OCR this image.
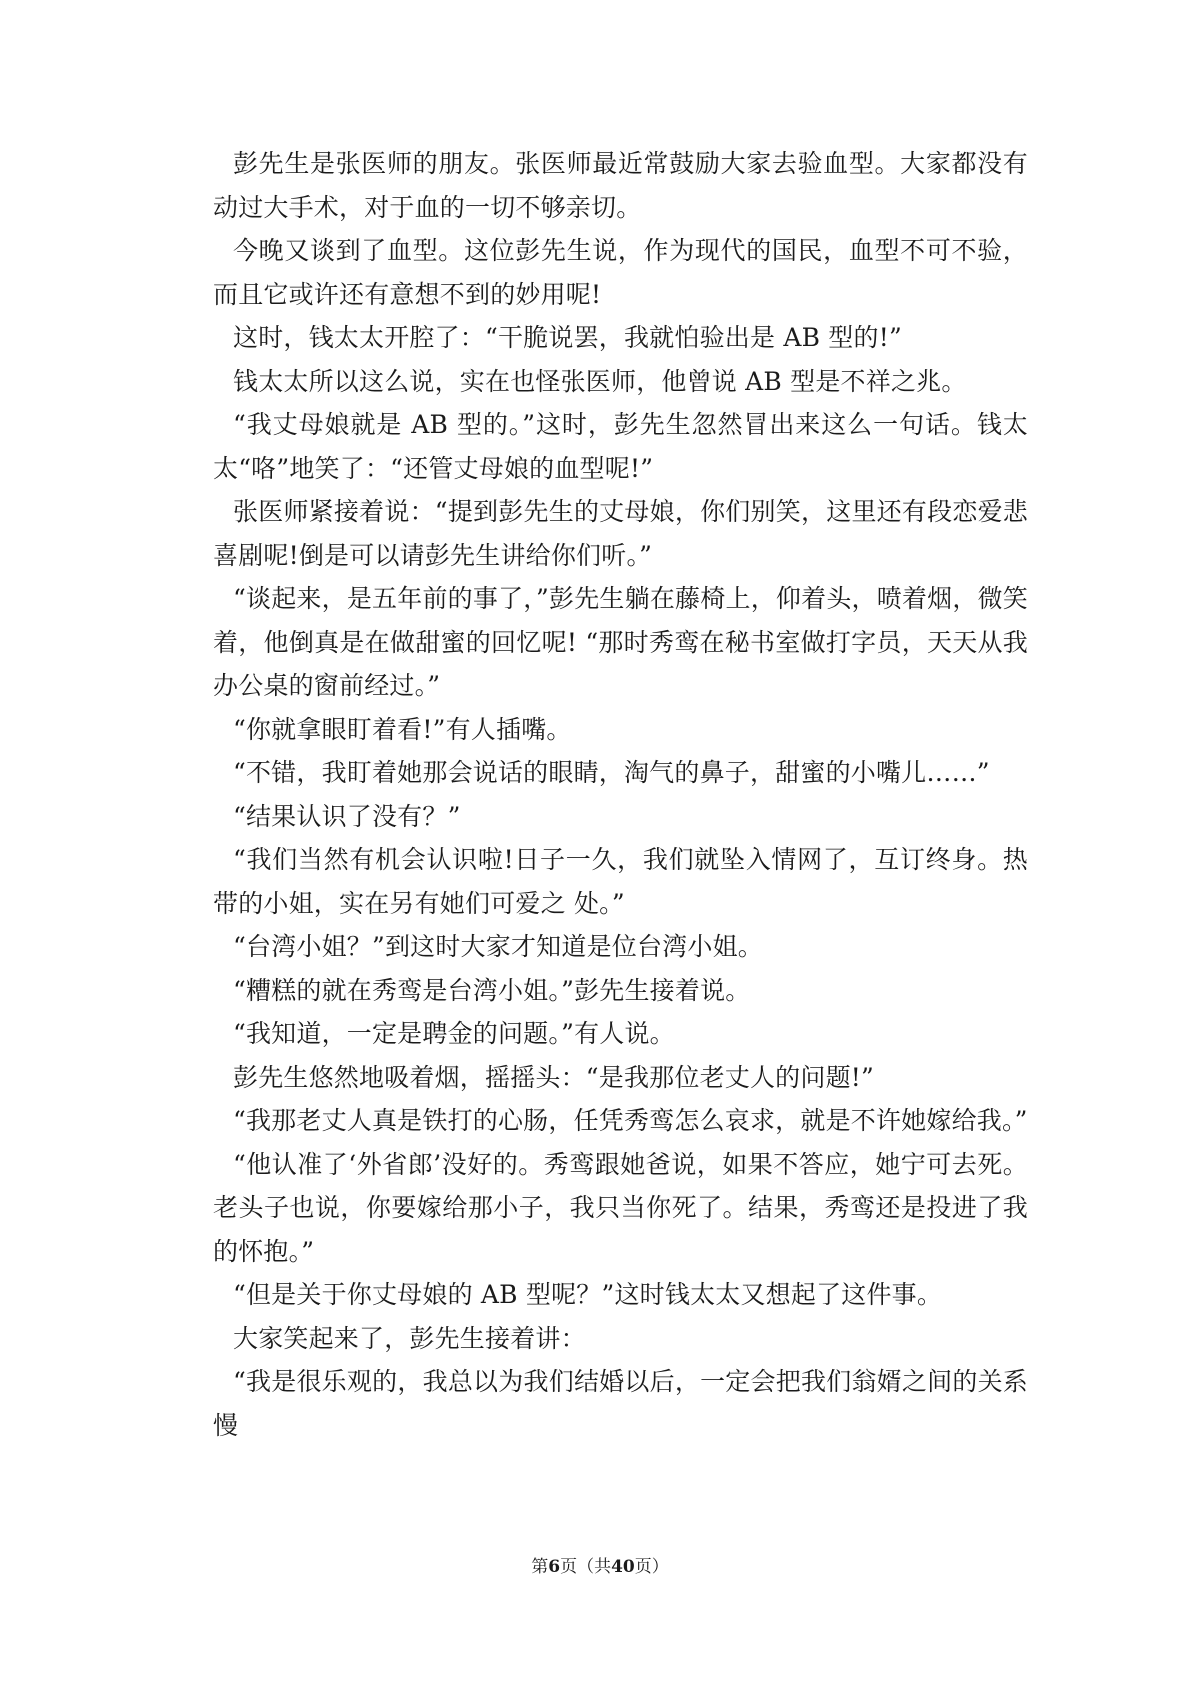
彭先生是张医师的朋友。张医师最近常鼓励大家去验血型。大家都没有动过大手术，对于血的一切不够亲切。

今晚又谈到了血型。这位彭先生说，作为现代的国民，血型不可不验，而且它或许还有意想不到的妙用呢!

这时，钱太太开腔了：“干脆说罢，我就怕验出是 AB 型的!”

钱太太所以这么说，实在也怪张医师，他曾说 AB 型是不祥之兆。

“我丈母娘就是 AB 型的。”这时，彭先生忽然冒出来这么一句话。钱太太“咯”地笑了：“还管丈母娘的血型呢!”

张医师紧接着说：“提到彭先生的丈母娘，你们别笑，这里还有段恋爱悲喜剧呢!倒是可以请彭先生讲给你们听。”

“谈起来，是五年前的事了，”彭先生躺在藤椅上，仰着头，喷着烟，微笑着，他倒真是在做甜蜜的回忆呢! “那时秀鸾在秘书室做打字员，天天从我办公桌的窗前经过。”

“你就拿眼盯着看!”有人插嘴。

“不错，我盯着她那会说话的眼睛，淘气的鼻子，甜蜜的小嘴儿……”

“结果认识了没有？”

“我们当然有机会认识啦!日子一久，我们就坠入情网了，互订终身。热带的小姐，实在另有她们可爱之 处。”

“台湾小姐？”到这时大家才知道是位台湾小姐。

“糟糕的就在秀鸾是台湾小姐。”彭先生接着说。

“我知道，一定是聘金的问题。”有人说。

彭先生悠然地吸着烟，摇摇头：“是我那位老丈人的问题!”

“我那老丈人真是铁打的心肠，任凭秀鸾怎么哀求，就是不许她嫁给我。”

“他认准了‘外省郎’没好的。秀鸾跟她爸说，如果不答应，她宁可去死。老头子也说，你要嫁给那小子，我只当你死了。结果，秀鸾还是投进了我的怀抱。”

“但是关于你丈母娘的 AB 型呢？”这时钱太太又想起了这件事。

大家笑起来了，彭先生接着讲：

“我是很乐观的，我总以为我们结婚以后，一定会把我们翁婿之间的关系慢

第6页（共40页）
